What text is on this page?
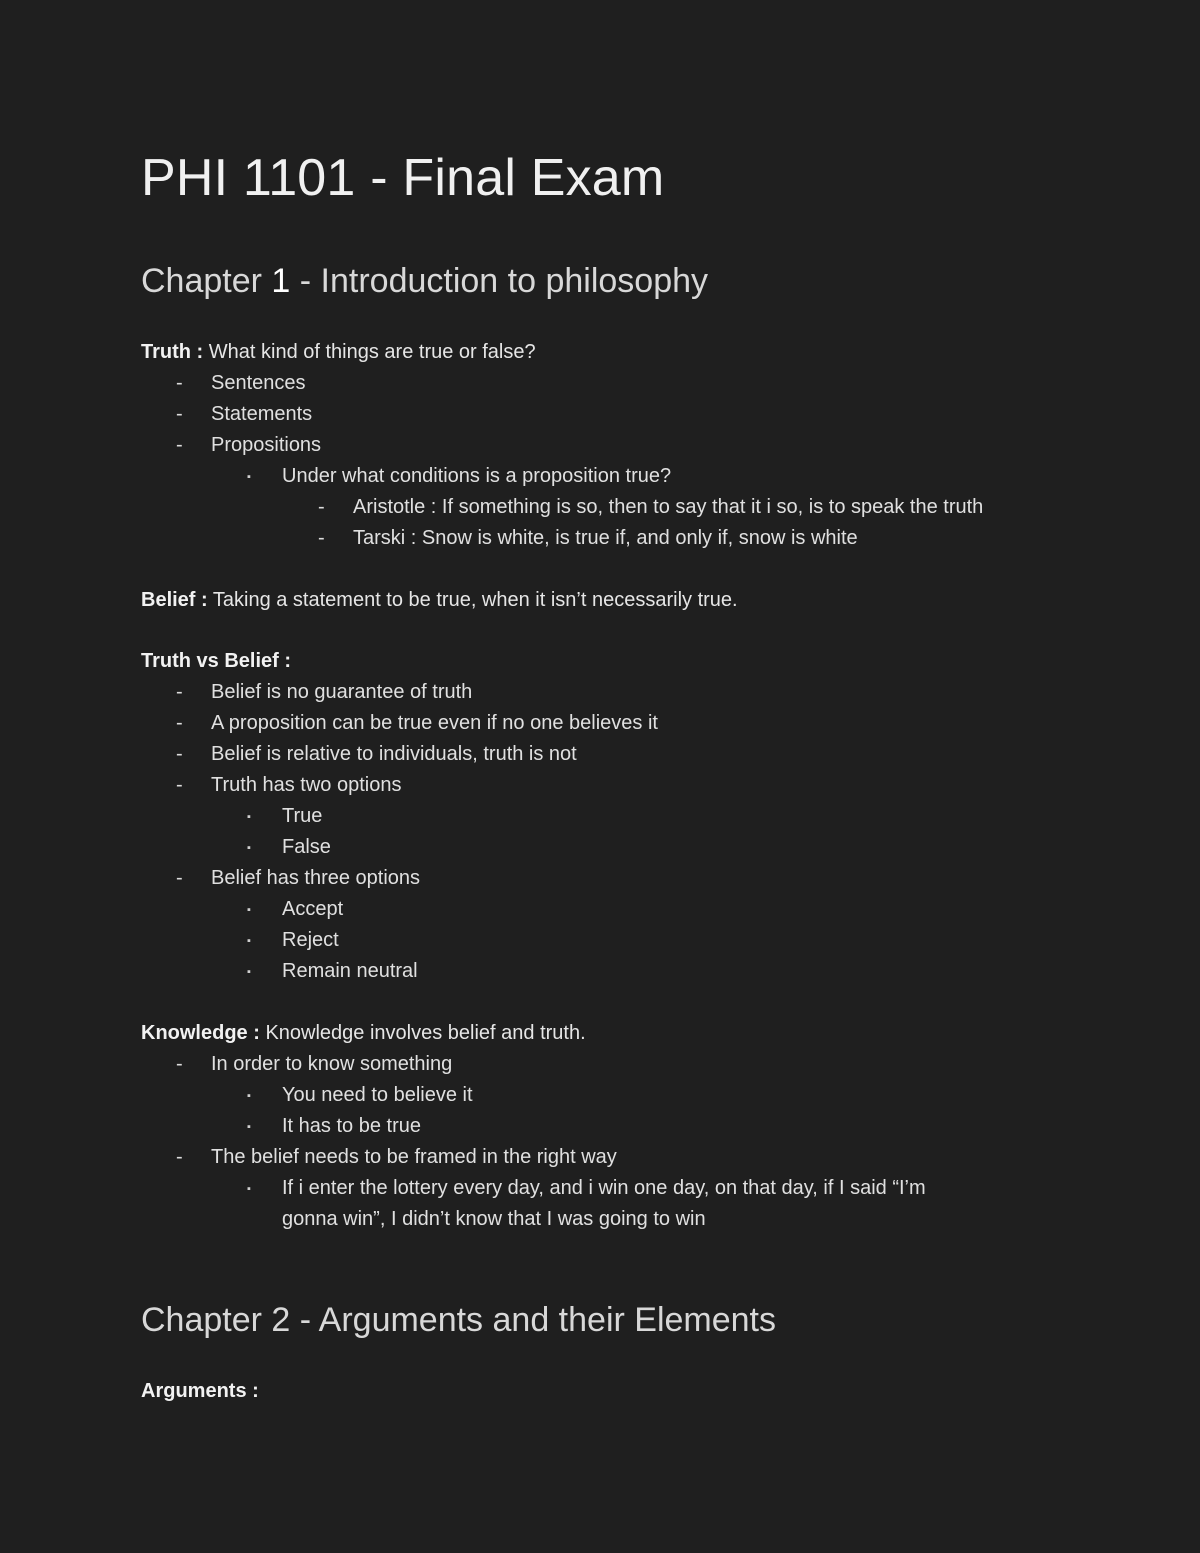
PHI 1101 - Final Exam
Chapter 1 - Introduction to philosophy
Truth : What kind of things are true or false?
- Sentences
- Statements
- Propositions
▪ Under what conditions is a proposition true?
- Aristotle : If something is so, then to say that it i so, is to speak the truth
- Tarski : Snow is white, is true if, and only if, snow is white
Belief : Taking a statement to be true, when it isn’t necessarily true.
Truth vs Belief :
- Belief is no guarantee of truth
- A proposition can be true even if no one believes it
- Belief is relative to individuals, truth is not
- Truth has two options
▪ True
▪ False
- Belief has three options
▪ Accept
▪ Reject
▪ Remain neutral
Knowledge : Knowledge involves belief and truth.
- In order to know something
▪ You need to believe it
▪ It has to be true
- The belief needs to be framed in the right way
▪ If i enter the lottery every day, and i win one day, on that day, if I said “I’m
gonna win”, I didn’t know that I was going to win
Chapter 2 - Arguments and their Elements
Arguments :
